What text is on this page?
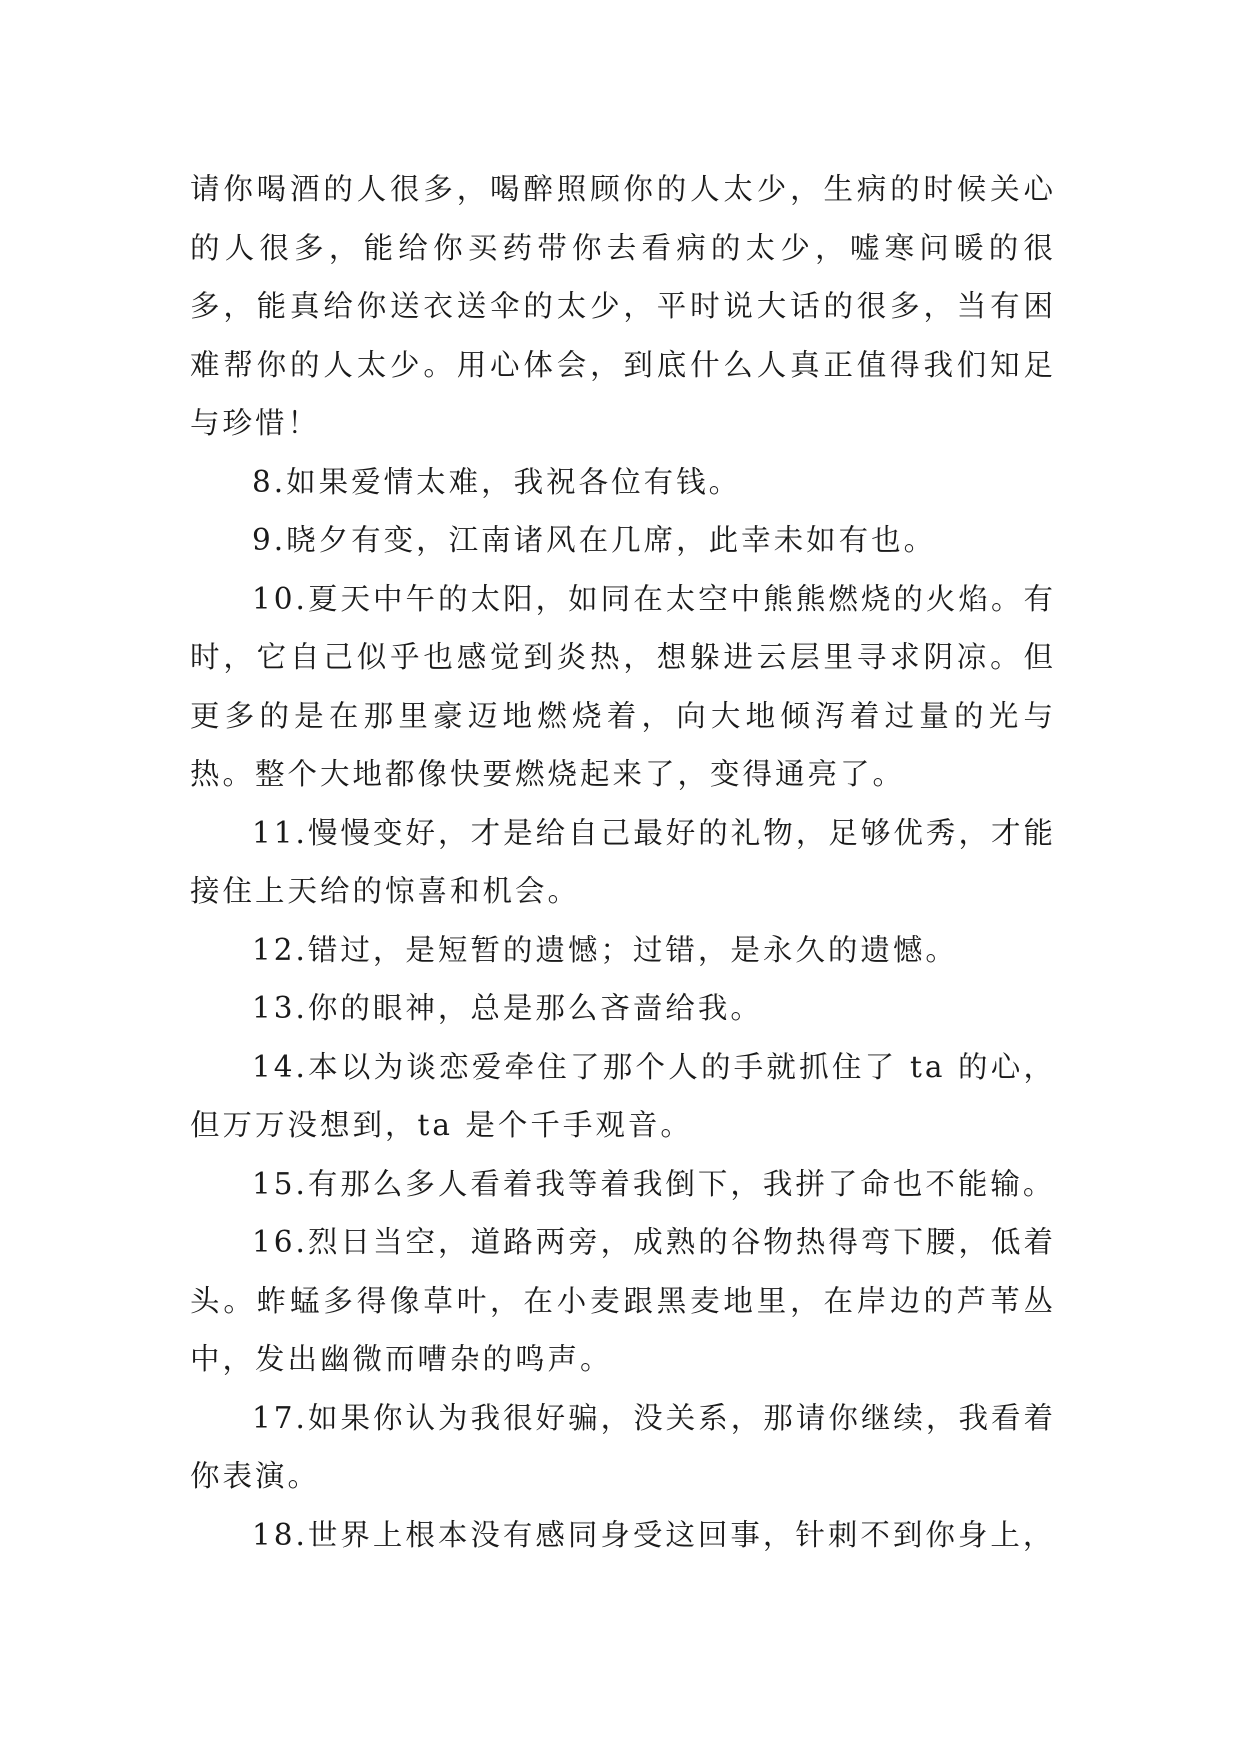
请你喝酒的人很多，喝醉照顾你的人太少，生病的时候关心的人很多，能给你买药带你去看病的太少，嘘寒问暖的很多，能真给你送衣送伞的太少，平时说大话的很多，当有困难帮你的人太少。用心体会，到底什么人真正值得我们知足与珍惜！

8.如果爱情太难，我祝各位有钱。

9.晓夕有变，江南诸风在几席，此幸未如有也。

10.夏天中午的太阳，如同在太空中熊熊燃烧的火焰。有时，它自己似乎也感觉到炎热，想躲进云层里寻求阴凉。但更多的是在那里豪迈地燃烧着，向大地倾泻着过量的光与热。整个大地都像快要燃烧起来了，变得通亮了。

11.慢慢变好，才是给自己最好的礼物，足够优秀，才能接住上天给的惊喜和机会。

12.错过，是短暂的遗憾；过错，是永久的遗憾。

13.你的眼神，总是那么吝啬给我。

14.本以为谈恋爱牵住了那个人的手就抓住了 ta 的心，但万万没想到，ta 是个千手观音。

15.有那么多人看着我等着我倒下，我拼了命也不能输。

16.烈日当空，道路两旁，成熟的谷物热得弯下腰，低着头。蚱蜢多得像草叶，在小麦跟黑麦地里，在岸边的芦苇丛中，发出幽微而嘈杂的鸣声。

17.如果你认为我很好骗，没关系，那请你继续，我看着你表演。

18.世界上根本没有感同身受这回事，针刺不到你身上，
